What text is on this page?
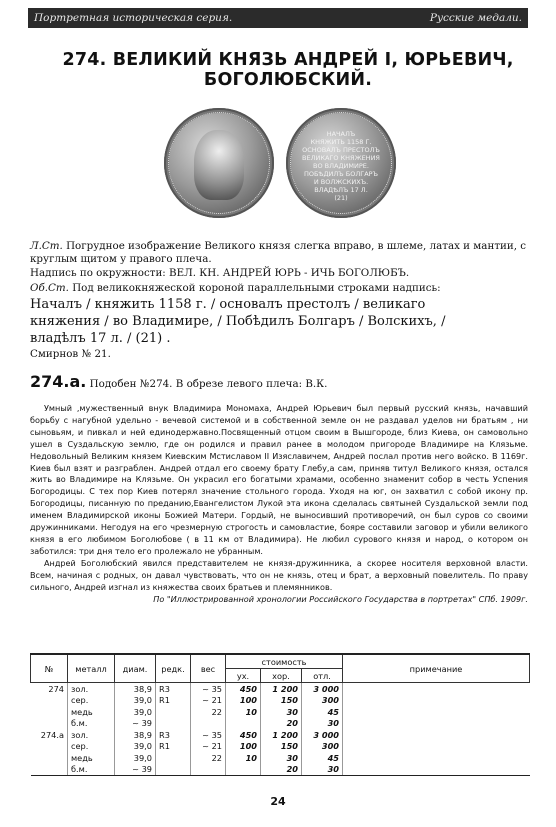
Портретная историческая серия.	Русские медали.
274. ВЕЛИКИЙ КНЯЗЬ АНДРЕЙ I, ЮРЬЕВИЧ,
БОГОЛЮБСКИЙ.
НАЧАЛЪ
КНЯЖИТЬ 1158 Г.
ОСНОВАЛЪ ПРЕСТОЛЪ
ВЕЛИКАГО КНЯЖЕНИЯ
ВО ВЛАДИМИРЕ.
ПОБѢДИЛЪ БОЛГАРЪ
И ВОЛЖСКИХЪ.
ВЛАДѢЛЪ 17 Л.
(21)
Л.Ст. Погрудное изображение Великого князя слегка вправо, в шлеме, латах и мантии, с круглым щитом у правого плеча.
Надпись по окружности: ВЕЛ. КН. АНДРЕЙ ЮРЬ - ИЧЬ БОГОЛЮБЪ.
Об.Ст. Под великокняжеской короной параллельными строками надпись:
Началъ / княжить 1158 г. / основалъ престолъ / великаго
княжения / во Владимире, / Побѣдилъ Болгаръ / Волскихъ, /
владѣлъ 17 л. / (21) .
Смирнов № 21.
274.а. Подобен №274. В обрезе левого плеча: В.К.

Умный ,мужественный внук Владимира Мономаха, Андрей Юрьевич был первый русский князь, начавший борьбу с нагубной удельно - вечевой системой и в собственной земле он не раздавал уделов ни братьям , ни сыновьям, и пивкал и ней единодержавно.Посвященный отцом своим в Вышгороде, близ Киева, он самовольно ушел в Суздальскую землю, где он родился и правил ранее в молодом пригороде Владимире на Клязьме. Недовольный Великим князем Киевским Мстиславом II Изяславичем, Андрей послал против него войско. В 1169г. Киев был взят и разграблен. Андрей отдал его своему брату Глебу,а сам, приняв титул Великого князя, остался жить во Владимире на Клязьме. Он украсил его богатыми храмами, особенно знаменит собор в честь Успения Богородицы. С тех пор Киев потерял значение стольного города. Уходя на юг, он захватил с собой икону пр. Богородицы, писанную по преданию,Евангелистом Лукой эта икона сделалась святыней Суздальской земли под именем Владимирской иконы Божией Матери. Гордый, не выносивший противоречий, он был суров со своими дружинниками. Негодуя на его чрезмерную строгость и самовластие, бояре составили заговор и убили великого князя в его любимом Боголюбове ( в 11 км от Владимира). Не любил сурового князя и народ, о котором он заботился: три дня тело его пролежало не убранным.

Андрей Боголюбский явился представителем не князя-дружинника, а скорее носителя верховной власти. Всем, начиная с родных, он давал чувствовать, что он не князь, отец и брат, а верховный повелитель. По праву сильного, Андрей изгнал из княжества своих братьев и племянников.

По "Иллюстрированной хронологии Российского Государства в портретах" СПб. 1909г.

№	металл	диам.	редк.	вес	стоимость			примечание
					ух.	хор.	отл.	
274	зол.	38,9	R3	~ 35	450	1 200	3 000	
	сер.	39,0	R1	~ 21	100	150	300	
	медь	39,0		22	10	30	45	
	б.м.	~ 39				20	30	
274.а	зол.	38,9	R3	~ 35	450	1 200	3 000	
	сер.	39,0	R1	~ 21	100	150	300	
	медь	39,0		22	10	30	45	
	б.м.	~ 39				20	30	
24
